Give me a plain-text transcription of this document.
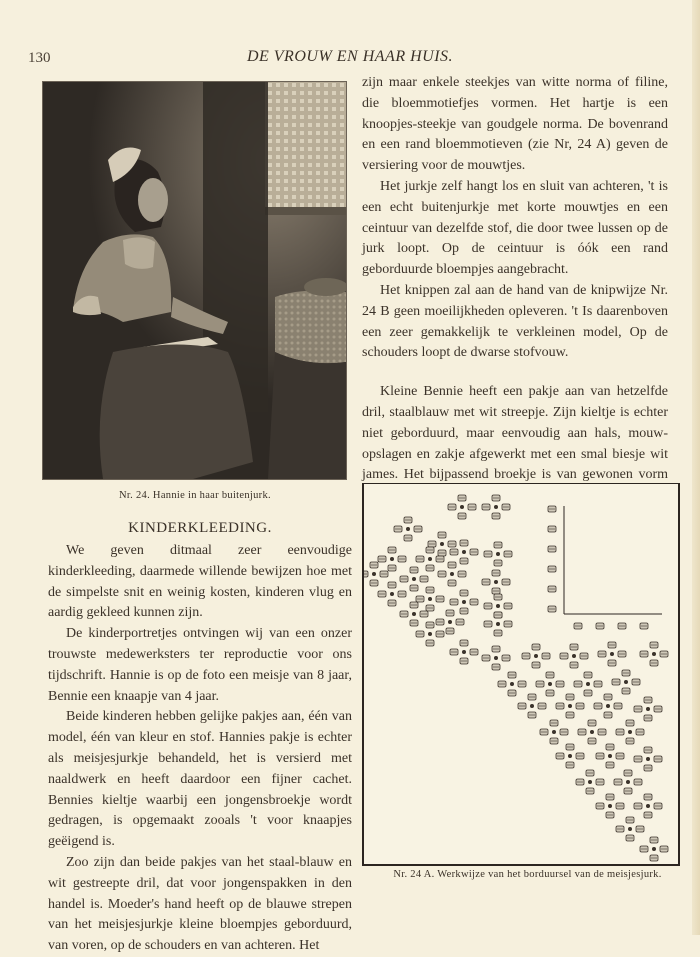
130	DE VROUW EN HAAR HUIS.
Nr. 24. Hannie in haar buitenjurk.
KINDERKLEEDING.

We geven ditmaal zeer eenvoudige kinderkleeding, daarmede willende bewijzen hoe met de simpelste snit en weinig kosten, kinderen vlug en aardig gekleed kunnen zijn.

De kinderportretjes ontvingen wij van een onzer trouwste medewerksters ter reproductie voor ons tijdschrift. Hannie is op de foto een meisje van 8 jaar, Bennie een knaapje van 4 jaar.

Beide kinderen hebben gelijke pakjes aan, één van model, één van kleur en stof. Hannies pakje is echter als meisjesjurkje behandeld, het is versierd met naaldwerk en heeft daardoor een fijner cachet. Bennies kieltje waarbij een jongensbroekje wordt gedragen, is opgemaakt zooals 't voor knaapjes geëigend is.

Zoo zijn dan beide pakjes van het staal-blauw en wit gestreepte dril, dat voor jongenspakken in den handel is. Moeder's hand heeft op de blauwe strepen van het meisjesjurkje kleine bloempjes geborduurd, van voren, op de schouders en van achteren. Het

zijn maar enkele steekjes van witte norma of filine, die bloemmotiefjes vormen. Het hartje is een knoopjes-steekje van goudgele norma. De bovenrand en een rand bloemmotieven (zie Nr, 24 A) geven de versiering voor de mouwtjes.

Het jurkje zelf hangt los en sluit van achteren, 't is een echt buitenjurkje met korte mouwtjes en een ceintuur van dezelfde stof, die door twee lussen op de jurk loopt. Op de ceintuur is óók een rand geborduurde bloempjes aangebracht.

Het knippen zal aan de hand van de knipwijze Nr. 24 B geen moeilijkheden opleveren. 't Is daarenboven een zeer gemakkelijk te verkleinen model, Op de schouders loopt de dwarse stofvouw.

Kleine Bennie heeft een pakje aan van hetzelfde dril, staalblauw met wit streepje. Zijn kieltje is echter niet geborduurd, maar eenvoudig aan hals, mouw-opslagen en zakje afgewerkt met een smal biesje wit james. Het bijpassend broekje is van gewonen vorm

Nr. 24 A. Werkwijze van het borduursel van de meisjesjurk.
